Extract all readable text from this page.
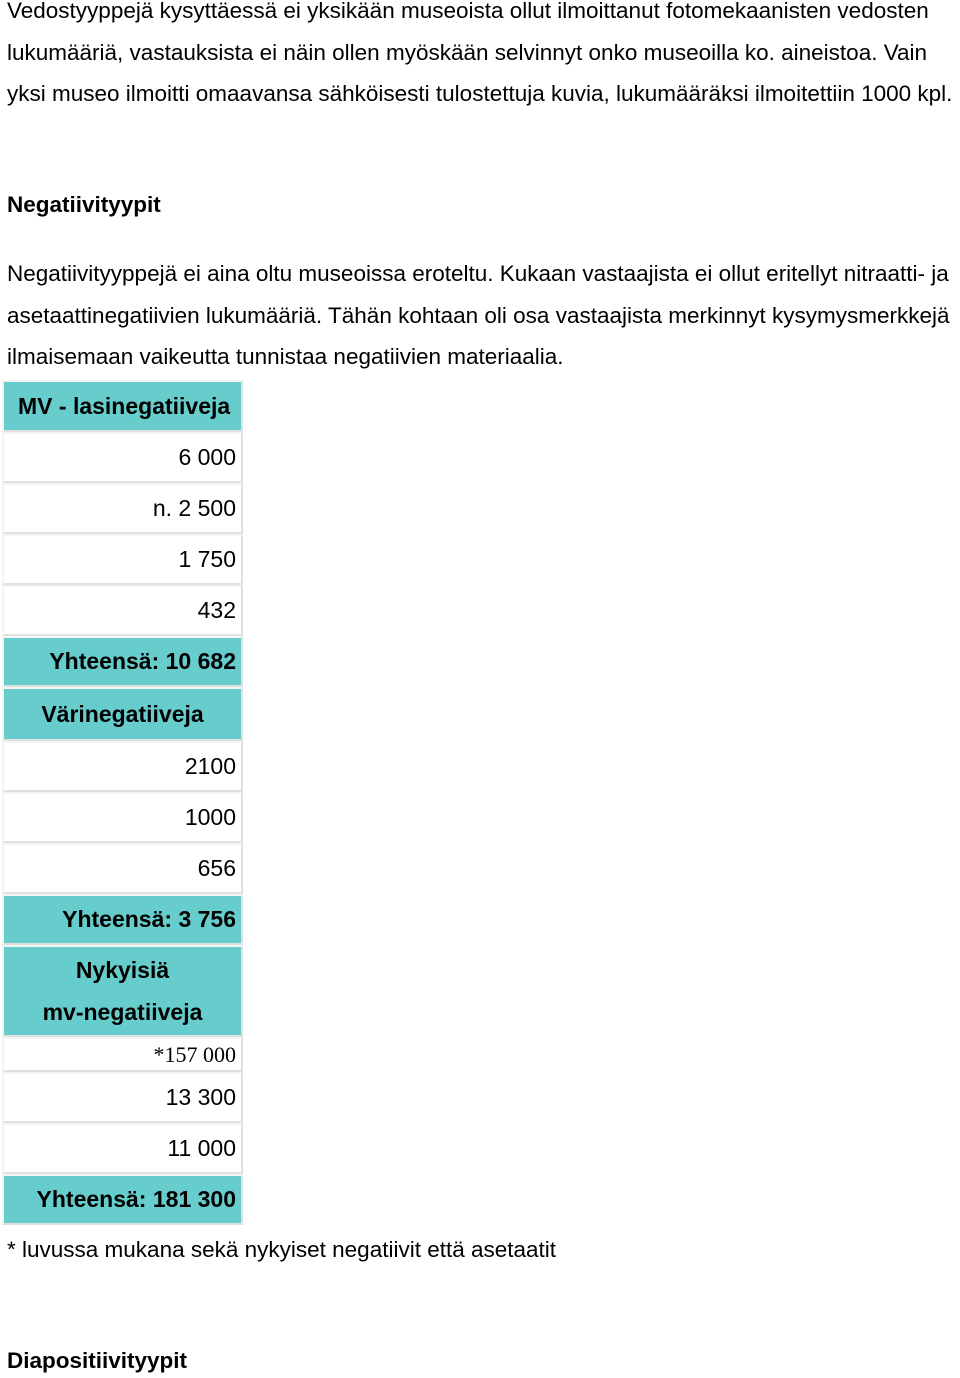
Vedostyyppejä kysyttäessä ei yksikään museoista ollut ilmoittanut fotomekaanisten vedosten lukumääriä, vastauksista ei näin ollen myöskään selvinnyt onko museoilla ko. aineistoa. Vain yksi museo ilmoitti omaavansa sähköisesti tulostettuja kuvia, lukumääräksi ilmoitettiin 1000 kpl.

Negatiivityypit

Negatiivityyppejä ei aina oltu museoissa eroteltu. Kukaan vastaajista ei ollut eritellyt nitraatti- ja asetaattinegatiivien lukumääriä. Tähän kohtaan oli osa vastaajista merkinnyt kysymysmerkkejä ilmaisemaan vaikeutta tunnistaa negatiivien materiaalia.

MV - lasinegatiiveja
6 000
n. 2 500
1 750
432
Yhteensä: 10 682
Värinegatiiveja
2100
1000
656
Yhteensä: 3 756
Nykyisiä
mv-negatiiveja
*157 000
13 300
11 000
Yhteensä: 181 300

* luvussa mukana sekä nykyiset negatiivit että asetaatit

Diapositiivityypit
